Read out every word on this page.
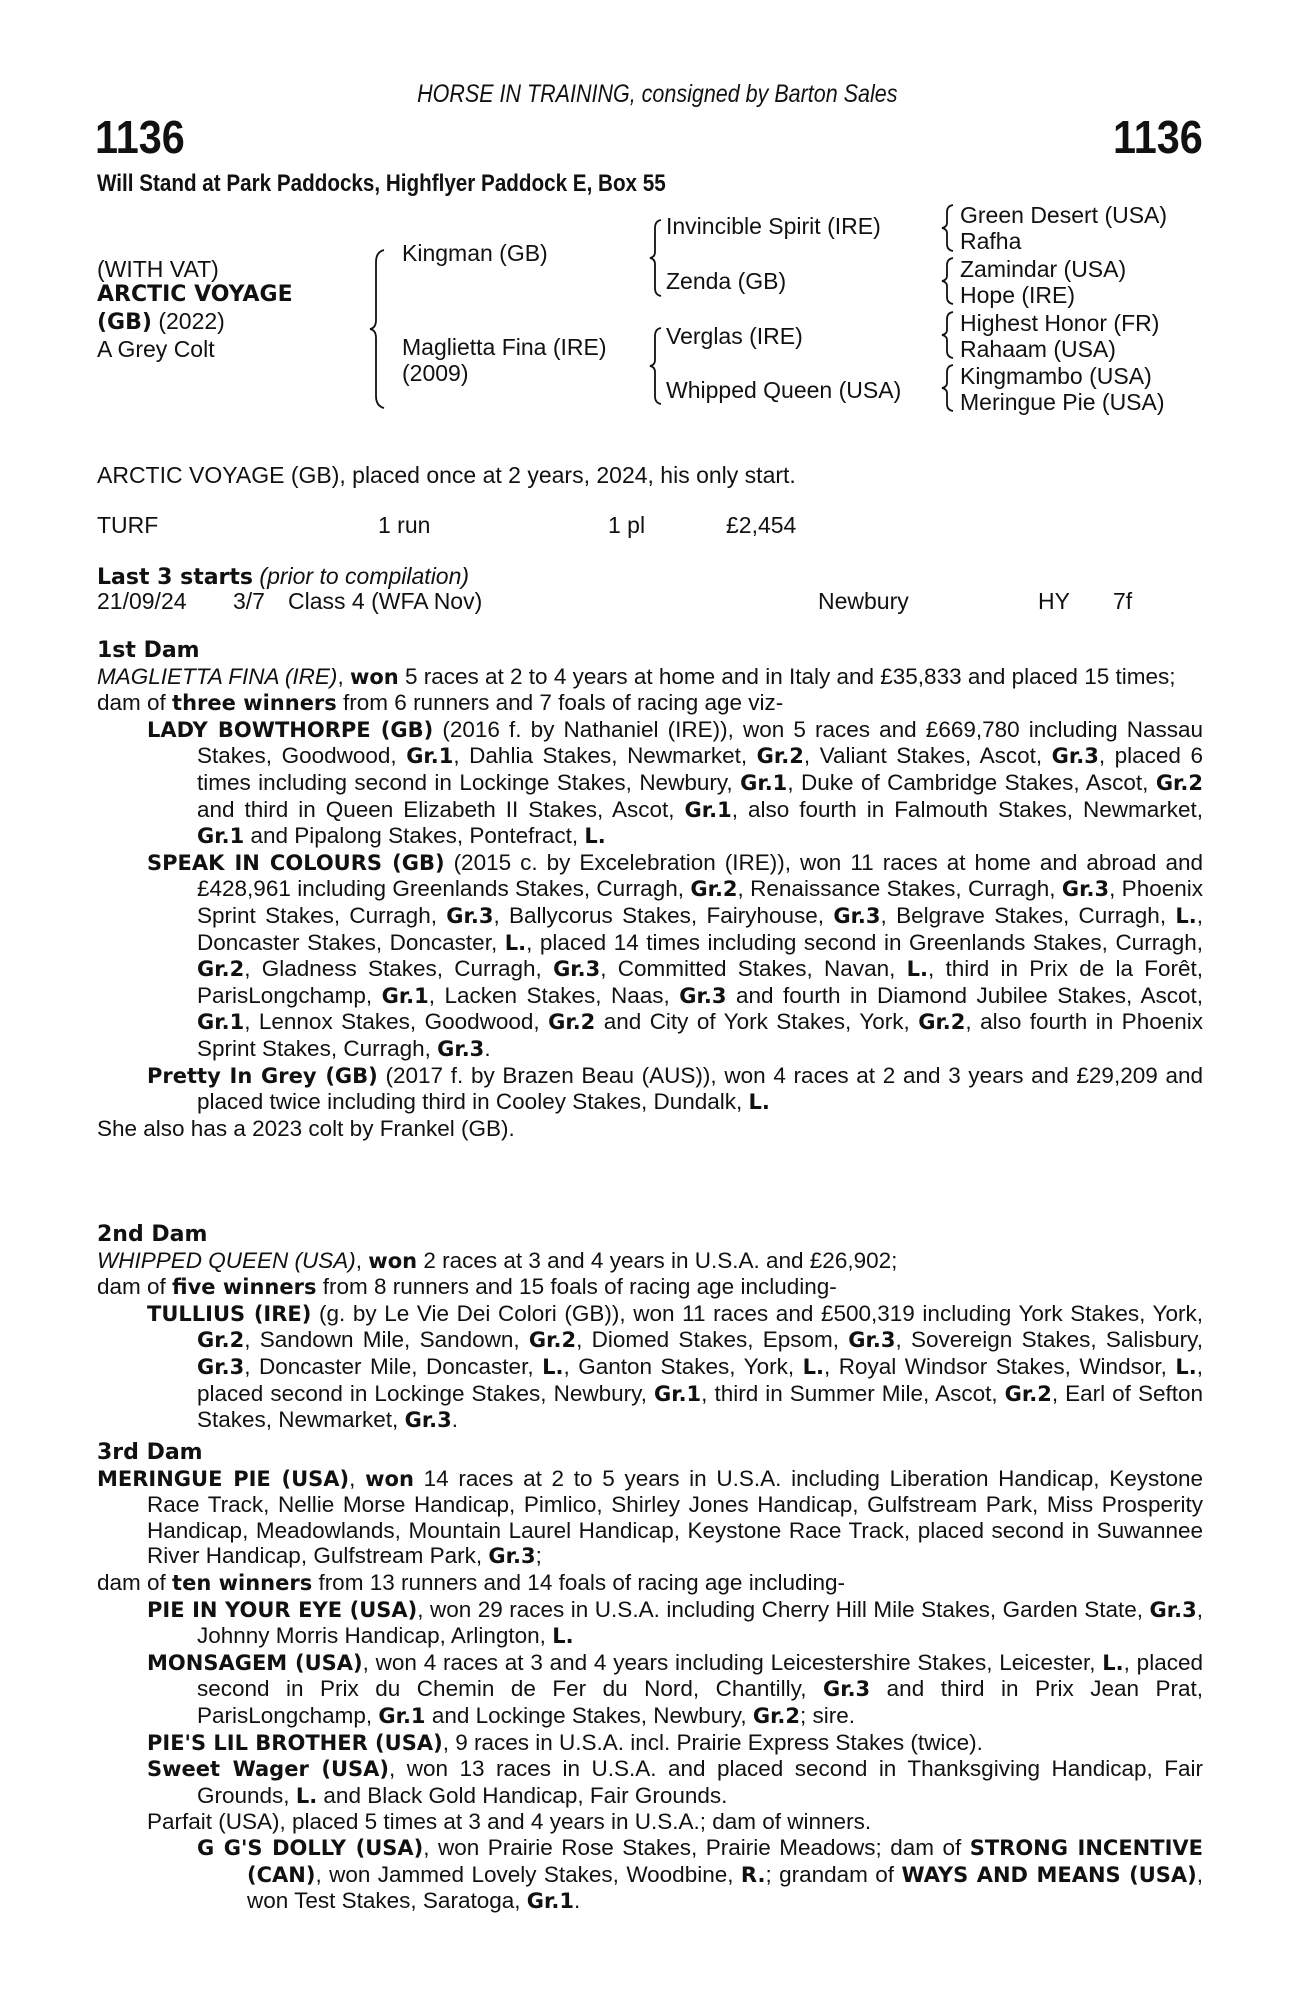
HORSE IN TRAINING, consigned by Barton Sales
1136	1136
Will Stand at Park Paddocks, Highflyer Paddock E, Box 55
(WITH VAT)
ARCTIC VOYAGE
(GB) (2022)
A Grey Colt
Kingman (GB)
Maglietta Fina (IRE)
(2009)
Invincible Spirit (IRE)
Zenda (GB)
Verglas (IRE)
Whipped Queen (USA)
Green Desert (USA)
Rafha
Zamindar (USA)
Hope (IRE)
Highest Honor (FR)
Rahaam (USA)
Kingmambo (USA)
Meringue Pie (USA)
ARCTIC VOYAGE (GB), placed once at 2 years, 2024, his only start.
TURF	1 run	1 pl	£2,454
Last 3 starts (prior to compilation)
21/09/24 3/7 Class 4 (WFA Nov)	Newbury	HY 7f

1st Dam

MAGLIETTA FINA (IRE), won 5 races at 2 to 4 years at home and in Italy and £35,833 and placed 15 times;

dam of three winners from 6 runners and 7 foals of racing age viz-

LADY BOWTHORPE (GB) (2016 f. by Nathaniel (IRE)), won 5 races and £669,780 including Nassau Stakes, Goodwood, Gr.1, Dahlia Stakes, Newmarket, Gr.2, Valiant Stakes, Ascot, Gr.3, placed 6 times including second in Lockinge Stakes, Newbury, Gr.1, Duke of Cambridge Stakes, Ascot, Gr.2 and third in Queen Elizabeth II Stakes, Ascot, Gr.1, also fourth in Falmouth Stakes, Newmarket, Gr.1 and Pipalong Stakes, Pontefract, L.

SPEAK IN COLOURS (GB) (2015 c. by Excelebration (IRE)), won 11 races at home and abroad and £428,961 including Greenlands Stakes, Curragh, Gr.2, Renaissance Stakes, Curragh, Gr.3, Phoenix Sprint Stakes, Curragh, Gr.3, Ballycorus Stakes, Fairyhouse, Gr.3, Belgrave Stakes, Curragh, L., Doncaster Stakes, Doncaster, L., placed 14 times including second in Greenlands Stakes, Curragh, Gr.2, Gladness Stakes, Curragh, Gr.3, Committed Stakes, Navan, L., third in Prix de la Forêt, ParisLongchamp, Gr.1, Lacken Stakes, Naas, Gr.3 and fourth in Diamond Jubilee Stakes, Ascot, Gr.1, Lennox Stakes, Goodwood, Gr.2 and City of York Stakes, York, Gr.2, also fourth in Phoenix Sprint Stakes, Curragh, Gr.3.

Pretty In Grey (GB) (2017 f. by Brazen Beau (AUS)), won 4 races at 2 and 3 years and £29,209 and placed twice including third in Cooley Stakes, Dundalk, L.

She also has a 2023 colt by Frankel (GB).

2nd Dam

WHIPPED QUEEN (USA), won 2 races at 3 and 4 years in U.S.A. and £26,902;

dam of five winners from 8 runners and 15 foals of racing age including-

TULLIUS (IRE) (g. by Le Vie Dei Colori (GB)), won 11 races and £500,319 including York Stakes, York, Gr.2, Sandown Mile, Sandown, Gr.2, Diomed Stakes, Epsom, Gr.3, Sovereign Stakes, Salisbury, Gr.3, Doncaster Mile, Doncaster, L., Ganton Stakes, York, L., Royal Windsor Stakes, Windsor, L., placed second in Lockinge Stakes, Newbury, Gr.1, third in Summer Mile, Ascot, Gr.2, Earl of Sefton Stakes, Newmarket, Gr.3.

3rd Dam

MERINGUE PIE (USA), won 14 races at 2 to 5 years in U.S.A. including Liberation Handicap, Keystone Race Track, Nellie Morse Handicap, Pimlico, Shirley Jones Handicap, Gulfstream Park, Miss Prosperity Handicap, Meadowlands, Mountain Laurel Handicap, Keystone Race Track, placed second in Suwannee River Handicap, Gulfstream Park, Gr.3;

dam of ten winners from 13 runners and 14 foals of racing age including-

PIE IN YOUR EYE (USA), won 29 races in U.S.A. including Cherry Hill Mile Stakes, Garden State, Gr.3, Johnny Morris Handicap, Arlington, L.

MONSAGEM (USA), won 4 races at 3 and 4 years including Leicestershire Stakes, Leicester, L., placed second in Prix du Chemin de Fer du Nord, Chantilly, Gr.3 and third in Prix Jean Prat, ParisLongchamp, Gr.1 and Lockinge Stakes, Newbury, Gr.2; sire.

PIE'S LIL BROTHER (USA), 9 races in U.S.A. incl. Prairie Express Stakes (twice).

Sweet Wager (USA), won 13 races in U.S.A. and placed second in Thanksgiving Handicap, Fair Grounds, L. and Black Gold Handicap, Fair Grounds.

Parfait (USA), placed 5 times at 3 and 4 years in U.S.A.; dam of winners.

G G'S DOLLY (USA), won Prairie Rose Stakes, Prairie Meadows; dam of STRONG INCENTIVE (CAN), won Jammed Lovely Stakes, Woodbine, R.; grandam of WAYS AND MEANS (USA), won Test Stakes, Saratoga, Gr.1.
